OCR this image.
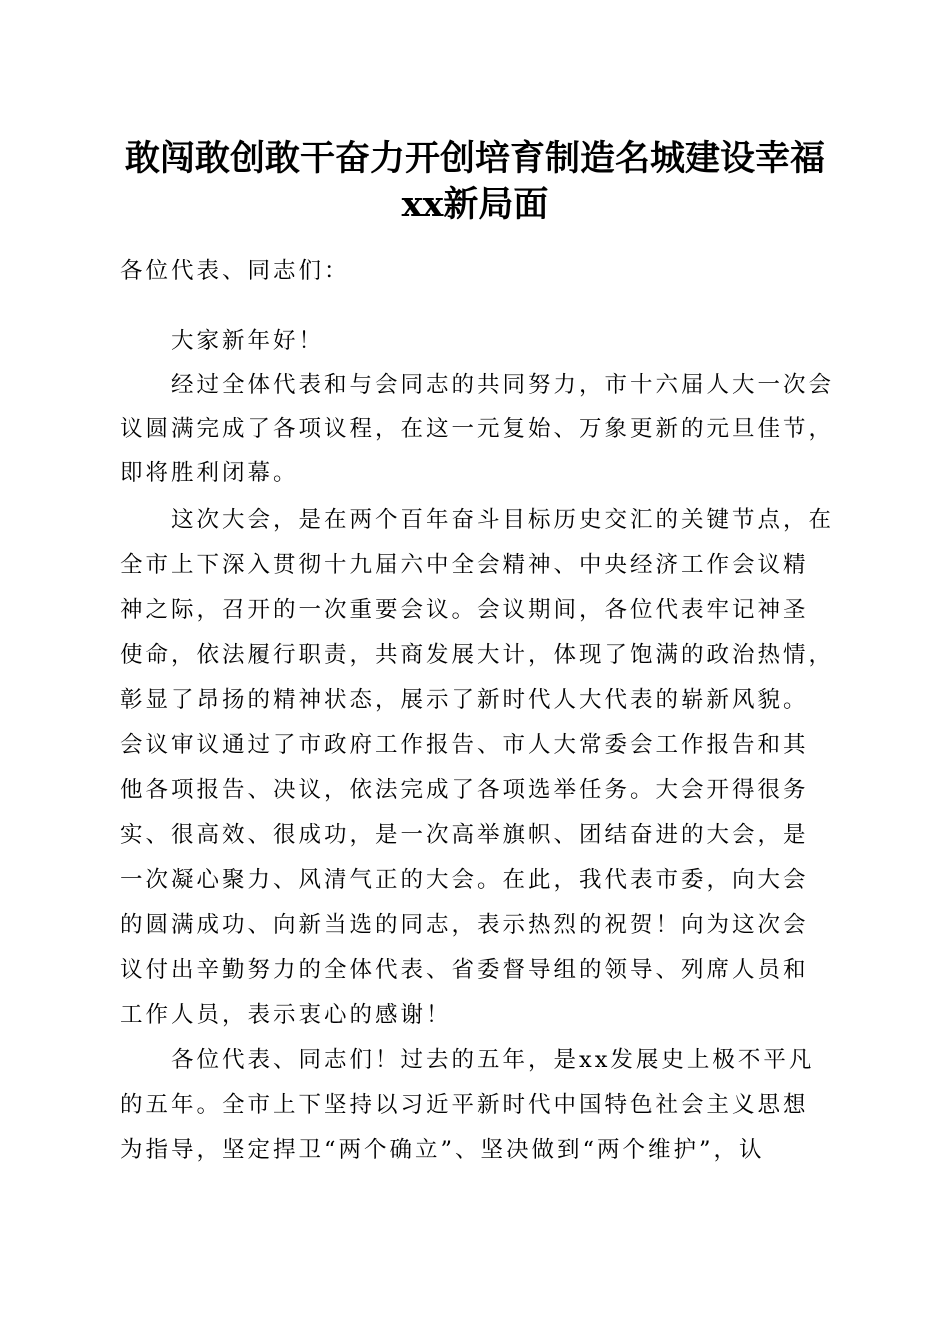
敢闯敢创敢干奋力开创培育制造名城建设幸福
xx新局面
各位代表、同志们：
　　大家新年好！
　　经过全体代表和与会同志的共同努力，市十六届人大一次会
议圆满完成了各项议程，在这一元复始、万象更新的元旦佳节，
即将胜利闭幕。
　　这次大会，是在两个百年奋斗目标历史交汇的关键节点，在
全市上下深入贯彻十九届六中全会精神、中央经济工作会议精
神之际，召开的一次重要会议。会议期间，各位代表牢记神圣
使命，依法履行职责，共商发展大计，体现了饱满的政治热情，
彰显了昂扬的精神状态，展示了新时代人大代表的崭新风貌。
会议审议通过了市政府工作报告、市人大常委会工作报告和其
他各项报告、决议，依法完成了各项选举任务。大会开得很务
实、很高效、很成功，是一次高举旗帜、团结奋进的大会，是
一次凝心聚力、风清气正的大会。在此，我代表市委，向大会
的圆满成功、向新当选的同志，表示热烈的祝贺！向为这次会
议付出辛勤努力的全体代表、省委督导组的领导、列席人员和
工作人员，表示衷心的感谢！
　　各位代表、同志们！过去的五年，是xx发展史上极不平凡
的五年。全市上下坚持以习近平新时代中国特色社会主义思想
为指导，坚定捍卫“两个确立”、坚决做到“两个维护”，认
